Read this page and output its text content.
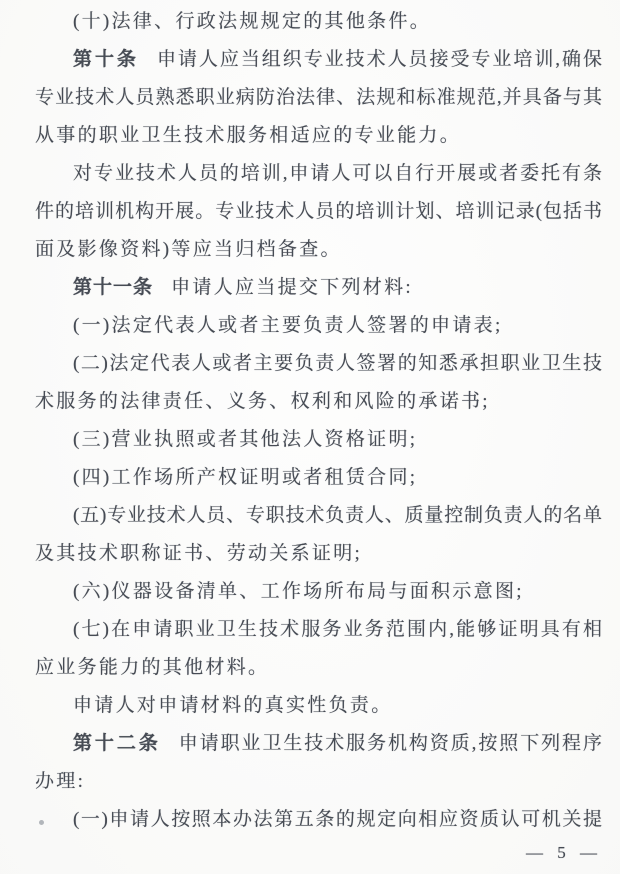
(十)法律、行政法规规定的其他条件。
第十条 申请人应当组织专业技术人员接受专业培训,确保
专业技术人员熟悉职业病防治法律、法规和标准规范,并具备与其
从事的职业卫生技术服务相适应的专业能力。
对专业技术人员的培训,申请人可以自行开展或者委托有条
件的培训机构开展。专业技术人员的培训计划、培训记录(包括书
面及影像资料)等应当归档备查。
第十一条 申请人应当提交下列材料:
(一)法定代表人或者主要负责人签署的申请表;
(二)法定代表人或者主要负责人签署的知悉承担职业卫生技
术服务的法律责任、义务、权利和风险的承诺书;
(三)营业执照或者其他法人资格证明;
(四)工作场所产权证明或者租赁合同;
(五)专业技术人员、专职技术负责人、质量控制负责人的名单
及其技术职称证书、劳动关系证明;
(六)仪器设备清单、工作场所布局与面积示意图;
(七)在申请职业卫生技术服务业务范围内,能够证明具有相
应业务能力的其他材料。
申请人对申请材料的真实性负责。
第十二条 申请职业卫生技术服务机构资质,按照下列程序
办理:
(一)申请人按照本办法第五条的规定向相应资质认可机关提
— 5 —
